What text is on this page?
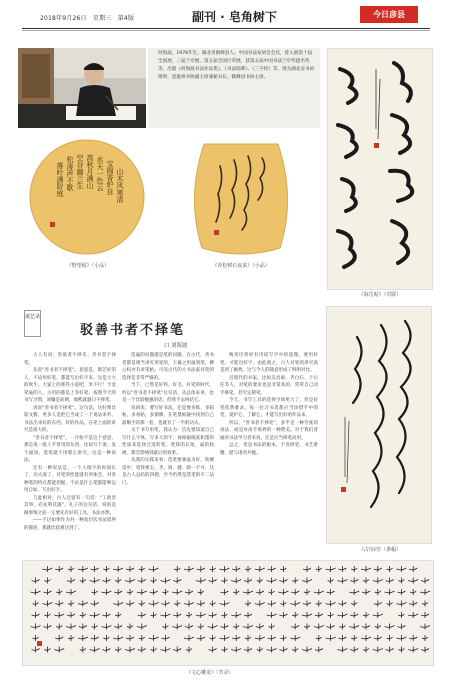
2018年9月26日　星期三　第4版	副刊 · 皂角树下	今日彦县
何海波，1978年生，湖北省鹤峰县人。中国书法家协会会员，曾入展第十届全国展、三届兰亭展、第五届全国行草展，获第五届中国书法兰亭奖提名奖等。出版《何海波书法作品集》、《书法临摹》、《三字经》等。现为湖北省书协理事，恩施州书协副主席兼秘书长。鹤峰县书协主席。
山木风寒清
宝阁香炉自
水天一色云
高秋月满山
空谷幽兰生
松涛声不歇
落叶满阶庭
《野望帖》（小品）	《青松树石夜来》（小品）
《海岳帖》（对联）
谈艺录
驳善书者不择笔
口 刘海波

古人有语：善欲者不择禾；善书者不择笔。

先说"善书者不择笔"。意思是，鹤艺好的人，不论用好笔，都能写出好字来。这是大大的吹牛。大家上的那些小道吧，米不行！卡金笔毫的人，古用的都是上等好笔。按照今天的书写习惯，刘墉是前朝，康熙就题曰不择笔。

再说"善书者不择笔"。这句话，这好像比较文雅，更多人是把它当成了一个说法来听，书法出来好的东西，好的作品，在笔上面的讲究是很大的。

"善书者不择笔"，一开始不是这个意思，那是说一般人平常用的东西，比如写个条，发个通知，选笔就不用那么讲究，这是一种说法。

还有一种说法是，一个人练字的时间长了，功夫深了，对笔的性能就有所体会，对各种笔的特点都能把握，不论是什么笔都能够运用自如，写出好字。

与此相对，古人还留有一句话："工欲善其事，必先利其器"。孔子的这句话，说的是做事情之前一定要先有好的工具，书法亦然。

——不过如果作为对一种高层次书法境界的描述，那就比较难达到了。

选毫的问题就是笔的问题。在古代，善书者都是相当讲究用笔的，王羲之用鼠须笔，柳公权亦有求笔帖。可见古代的大书法家对笔的选择是非常严格的。

当下，已然是好料、好毛、好笔的时代。所以"善书者不择笔"这句话，从总体来讲，也是一个比较勉强的话，但我不去纠结它。

说回来，要写好书法，还是要多练，多临帖，多看帖，多揣摩，在笔墨纸砚中找到自己最顺手的那一套，也就有了一半的功夫。

关于书写用笔，我认为：首先要知道自己写什么字体，写多大的字，再根据纸张和墨的性质来选择合适的笔。笔锋的长短，毫的软硬，都会影响到最后的效果。

从我的实践来看：选笔要兼毫为好，软硬适中，笔锋要尖、齐、圆、健，缺一不可，这是古人总结的四德，至今仍然是选笔的不二法门。

梅尧臣曾经有诗说写字中的道理，要用好笔，才能出好字。由此观之，古人对笔的讲究真是到了极致，这与今人的随意形成了鲜明对比。

近现代的书家，比如吴昌硕、齐白石、于右任等人，对笔的要求也是非常高的，常常自己动手修笔，甚至定制笔。

今天，书写工具的选择空间更大了，但是好笔依然难求，每一位习书者都应当珍惜手中的笔，爱护它，了解它，才能写出好的作品来。

所以，"善书者不择笔"，多半是一种夸张的说法，或是对高手境界的一种赞美。对于我们普通的书法学习者来说，还是应当择笔而用。

总之，笔是书法的根本，不善择笔，书艺难精。愿与诸君共勉。

《古诗词》（条幅）
《文心雕龙》（节录）
